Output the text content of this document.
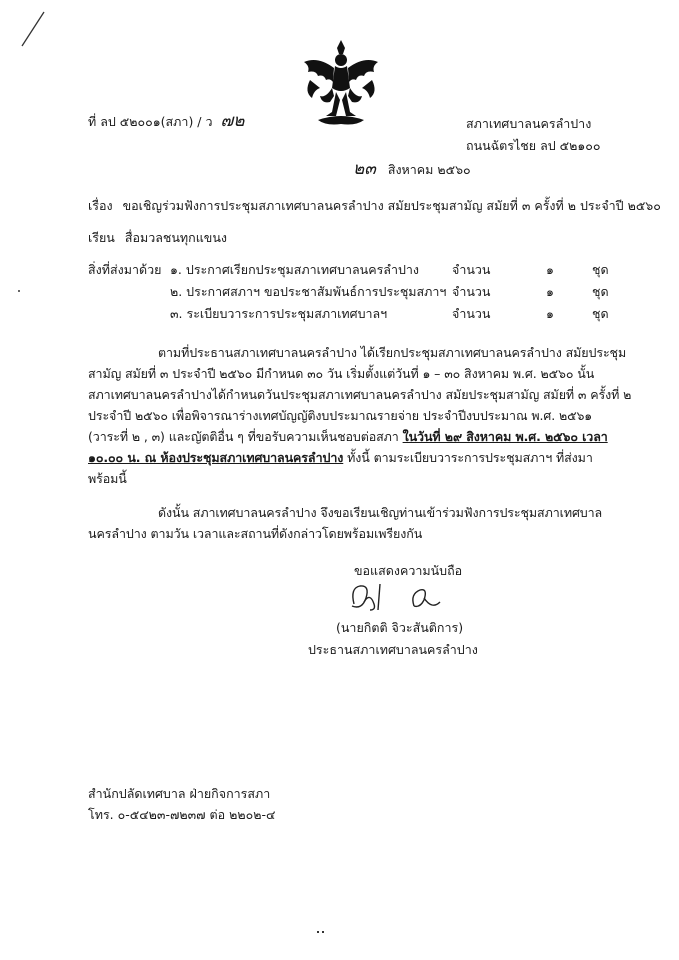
ที่ ลป ๕๒๐๐๑(สภา) / ว ๗๒	สภาเทศบาลนครลำปาง
ถนนฉัตรไชย ลป ๕๒๑๐๐
๒๓ สิงหาคม ๒๕๖๐
เรื่อง ขอเชิญร่วมฟังการประชุมสภาเทศบาลนครลำปาง สมัยประชุมสามัญ สมัยที่ ๓ ครั้งที่ ๒ ประจำปี ๒๕๖๐
เรียน สื่อมวลชนทุกแขนง
สิ่งที่ส่งมาด้วย ๑. ประกาศเรียกประชุมสภาเทศบาลนครลำปาง	จำนวน	๑	ชุด
๒. ประกาศสภาฯ ขอประชาสัมพันธ์การประชุมสภาฯ จำนวน	๑	ชุด
๓. ระเบียบวาระการประชุมสภาเทศบาลฯ	จำนวน	๑	ชุด
ตามที่ประธานสภาเทศบาลนครลำปาง ได้เรียกประชุมสภาเทศบาลนครลำปาง สมัยประชุม
สามัญ สมัยที่ ๓ ประจำปี ๒๕๖๐ มีกำหนด ๓๐ วัน เริ่มตั้งแต่วันที่ ๑ – ๓๐ สิงหาคม พ.ศ. ๒๕๖๐ นั้น
สภาเทศบาลนครลำปางได้กำหนดวันประชุมสภาเทศบาลนครลำปาง สมัยประชุมสามัญ สมัยที่ ๓ ครั้งที่ ๒
ประจำปี ๒๕๖๐ เพื่อพิจารณาร่างเทศบัญญัติงบประมาณรายจ่าย ประจำปีงบประมาณ พ.ศ. ๒๕๖๑
(วาระที่ ๒ , ๓) และญัตติอื่น ๆ ที่ขอรับความเห็นชอบต่อสภา ในวันที่ ๒๙ สิงหาคม พ.ศ. ๒๕๖๐ เวลา
๑๐.๐๐ น. ณ ห้องประชุมสภาเทศบาลนครลำปาง ทั้งนี้ ตามระเบียบวาระการประชุมสภาฯ ที่ส่งมา
พร้อมนี้
ดังนั้น สภาเทศบาลนครลำปาง จึงขอเรียนเชิญท่านเข้าร่วมฟังการประชุมสภาเทศบาล
นครลำปาง ตามวัน เวลาและสถานที่ดังกล่าวโดยพร้อมเพรียงกัน
ขอแสดงความนับถือ
(นายกิตติ จิวะสันติการ)
ประธานสภาเทศบาลนครลำปาง
สำนักปลัดเทศบาล ฝ่ายกิจการสภา
โทร. ๐-๕๔๒๓-๗๒๓๗ ต่อ ๒๒๐๒-๔
